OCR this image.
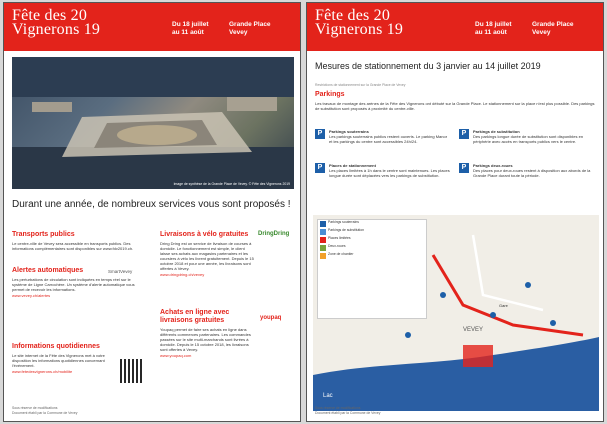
Fête des 20
Vignerons 19	Du 18 juillet
au 11 août
Grande Place
Vevey
Image de synthèse de la Grande Place de Vevey. © Fête des Vignerons 2019
Durant une année, de nombreux services vous sont proposés !
Transports publics

Le centre-ville de Vevey sera accessible en transports publics. Des informations complémentaires sont disponibles sur www.fdv2019.ch.

Livraisons à vélo gratuites

Dring Dring est un service de livraison de courses à domicile. Le fonctionnement est simple, le client laisse ses achats aux magasins partenaires et les coursiers à vélo les livrent gratuitement. Depuis le 15 octobre 2018 et pour une année, les livraisons sont offertes à Vevey.

www.dringdring.ch/vevey

DringDring
Alertes automatiques

Les perturbations de circulation sont indiquées en temps réel sur le système de Ligne Carrochère. Un système d'alerte automatique vous permet de recevoir les informations.

www.vevey.ch/alertes

SmartVevey
Achats en ligne avec livraisons gratuites

Youpaq permet de faire ses achats en ligne dans différents commerces partenaires. Les commandes passées sur le site multi-marchands sont livrées à domicile. Depuis le 15 octobre 2018, les livraisons sont offertes à Vevey.

www.youpaq.com

youpaq
Informations quotidiennes

Le site internet de la Fête des Vignerons met à votre disposition les informations quotidiennes concernant l'événement.

www.fetedesvignerons.ch/mobilite

Sous réserve de modifications
Document établi par la Commune de Vevey
Fête des 20
Vignerons 19	Du 18 juillet
au 11 août
Grande Place
Vevey
Mesures de stationnement du 3 janvier au 14 juillet 2019
Restrictions de stationnement sur la Grande Place de Vevey
Parkings

Les travaux de montage des arènes de la Fête des Vignerons ont débuté sur la Grande Place. Le stationnement sur la place n'est plus possible. Des parkings de substitution sont proposés à proximité du centre-ville.

P	Parkings souterrains

Les parkings souterrains publics restent ouverts. Le parking Manor et les parkings du centre sont accessibles 24h/24.

P	Parkings de substitution

Des parkings longue durée de substitution sont disponibles en périphérie avec accès en transports publics vers le centre.

P	Places de stationnement

Les places limitées à 1h dans le centre sont maintenues. Les places longue durée sont déplacées vers les parkings de substitution.

P	Parkings deux-roues

Des places pour deux-roues restent à disposition aux abords de la Grande Place durant toute la période.

Parkings souterrains
Parkings de substitution
Places limitées
Deux-roues
Zone de chantier
VEVEY
Lac
Gare
Sous réserve de modifications
Document établi par la Commune de Vevey
